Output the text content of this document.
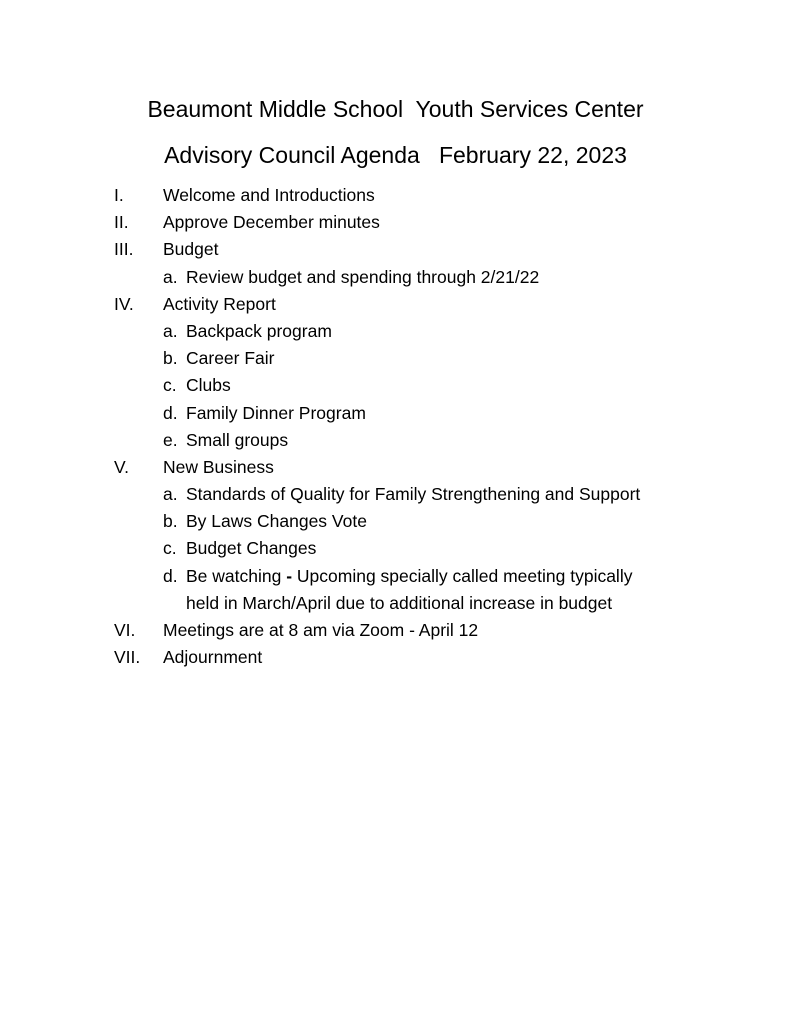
Beaumont Middle School  Youth Services Center
Advisory Council Agenda   February 22, 2023
I. Welcome and Introductions
II. Approve December minutes
III. Budget
a. Review budget and spending through 2/21/22
IV. Activity Report
a. Backpack program
b. Career Fair
c. Clubs
d. Family Dinner Program
e. Small groups
V. New Business
a. Standards of Quality for Family Strengthening and Support
b. By Laws Changes Vote
c. Budget Changes
d. Be watching - Upcoming specially called meeting typically
held in March/April due to additional increase in budget
VI. Meetings are at 8 am via Zoom - April 12
VII. Adjournment
